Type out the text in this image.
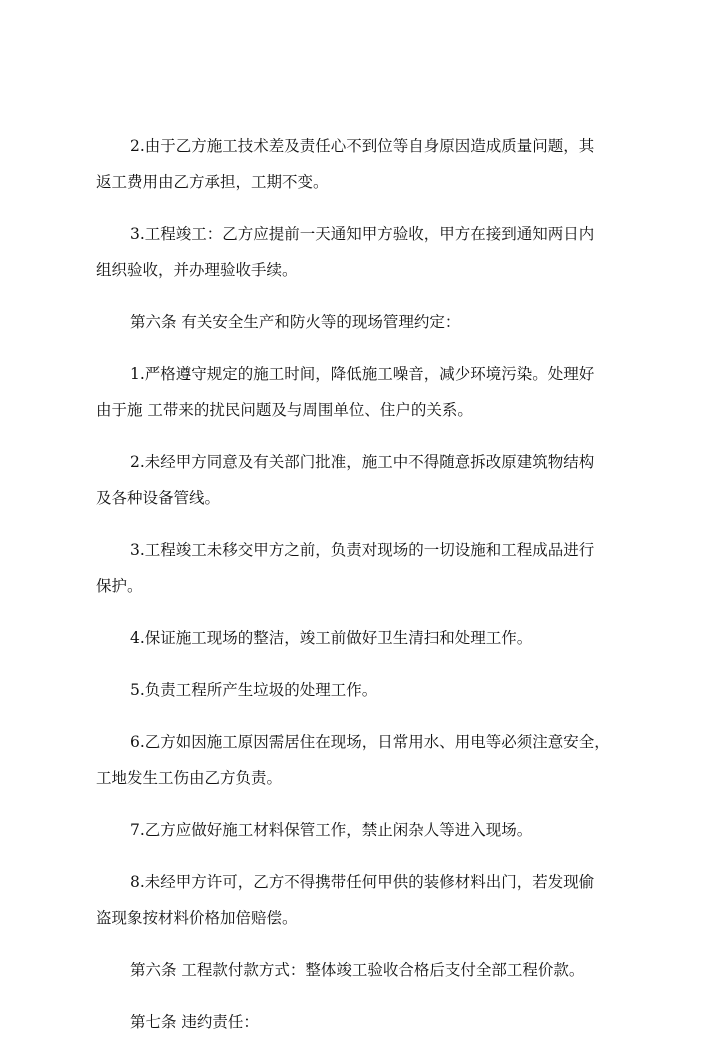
2.由于乙方施工技术差及责任心不到位等自身原因造成质量问题，其
返工费用由乙方承担，工期不变。
3.工程竣工：乙方应提前一天通知甲方验收，甲方在接到通知两日内
组织验收，并办理验收手续。
第六条 有关安全生产和防火等的现场管理约定：
1.严格遵守规定的施工时间，降低施工噪音，减少环境污染。处理好
由于施 工带来的扰民问题及与周围单位、住户的关系。
2.未经甲方同意及有关部门批准，施工中不得随意拆改原建筑物结构
及各种设备管线。
3.工程竣工未移交甲方之前，负责对现场的一切设施和工程成品进行
保护。
4.保证施工现场的整洁，竣工前做好卫生清扫和处理工作。
5.负责工程所产生垃圾的处理工作。
6.乙方如因施工原因需居住在现场，日常用水、用电等必须注意安全，
工地发生工伤由乙方负责。
7.乙方应做好施工材料保管工作，禁止闲杂人等进入现场。
8.未经甲方许可，乙方不得携带任何甲供的装修材料出门，若发现偷
盗现象按材料价格加倍赔偿。
第六条 工程款付款方式：整体竣工验收合格后支付全部工程价款。
第七条 违约责任：
